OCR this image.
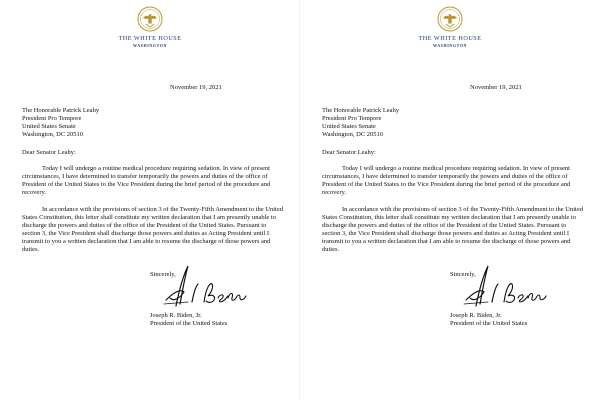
THE WHITE HOUSE
WASHINGTON
November 19, 2021
The Honorable Patrick Leahy
President Pro Tempore
United States Senate
Washington, DC 20510
Dear Senator Leahy:

Today I will undergo a routine medical procedure requiring sedation. In view of present circumstances, I have determined to transfer temporarily the powers and duties of the office of President of the United States to the Vice President during the brief period of the procedure and recovery.

In accordance with the provisions of section 3 of the Twenty-Fifth Amendment to the United States Constitution, this letter shall constitute my written declaration that I am presently unable to discharge the powers and duties of the office of the President of the United States. Pursuant to section 3, the Vice President shall discharge those powers and duties as Acting President until I transmit to you a written declaration that I am able to resume the discharge of those powers and duties.

Sincerely,
Joseph R. Biden, Jr.
President of the United States
THE WHITE HOUSE
WASHINGTON
November 19, 2021
The Honorable Patrick Leahy
President Pro Tempore
United States Senate
Washington, DC 20510
Dear Senator Leahy:

Today I will undergo a routine medical procedure requiring sedation. In view of present circumstances, I have determined to transfer temporarily the powers and duties of the office of President of the United States to the Vice President during the brief period of the procedure and recovery.

In accordance with the provisions of section 3 of the Twenty-Fifth Amendment to the United States Constitution, this letter shall constitute my written declaration that I am presently unable to discharge the powers and duties of the office of the President of the United States. Pursuant to section 3, the Vice President shall discharge those powers and duties as Acting President until I transmit to you a written declaration that I am able to resume the discharge of those powers and duties.

Sincerely,
Joseph R. Biden, Jr.
President of the United States
